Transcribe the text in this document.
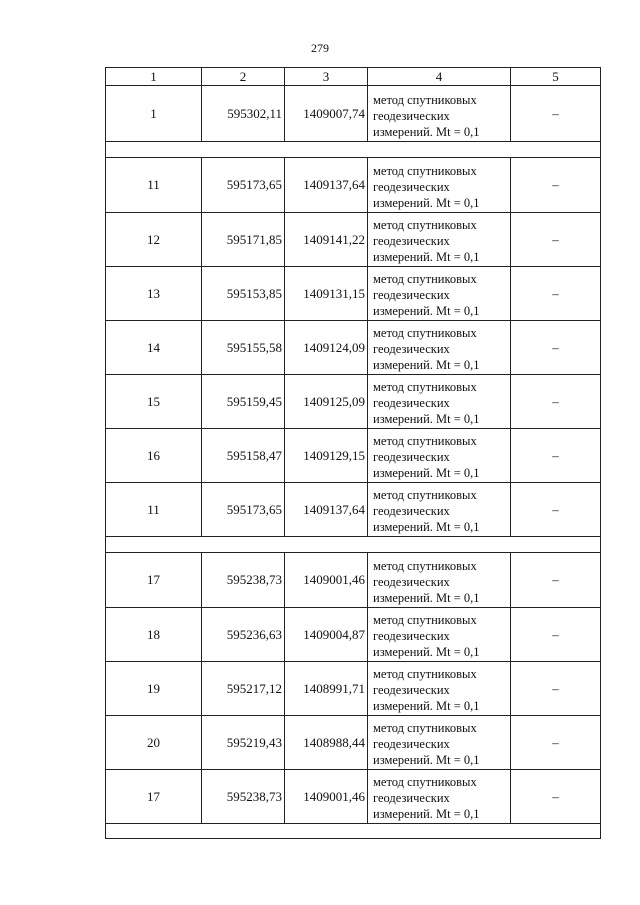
279
1	2	3	4	5
1	595302,11	1409007,74	метод спутниковых
геодезических
измерений. Mt = 0,1	–

11	595173,65	1409137,64	метод спутниковых
геодезических
измерений. Mt = 0,1	–
12	595171,85	1409141,22	метод спутниковых
геодезических
измерений. Mt = 0,1	–
13	595153,85	1409131,15	метод спутниковых
геодезических
измерений. Mt = 0,1	–
14	595155,58	1409124,09	метод спутниковых
геодезических
измерений. Mt = 0,1	–
15	595159,45	1409125,09	метод спутниковых
геодезических
измерений. Mt = 0,1	–
16	595158,47	1409129,15	метод спутниковых
геодезических
измерений. Mt = 0,1	–
11	595173,65	1409137,64	метод спутниковых
геодезических
измерений. Mt = 0,1	–

17	595238,73	1409001,46	метод спутниковых
геодезических
измерений. Mt = 0,1	–
18	595236,63	1409004,87	метод спутниковых
геодезических
измерений. Mt = 0,1	–
19	595217,12	1408991,71	метод спутниковых
геодезических
измерений. Mt = 0,1	–
20	595219,43	1408988,44	метод спутниковых
геодезических
измерений. Mt = 0,1	–
17	595238,73	1409001,46	метод спутниковых
геодезических
измерений. Mt = 0,1	–
